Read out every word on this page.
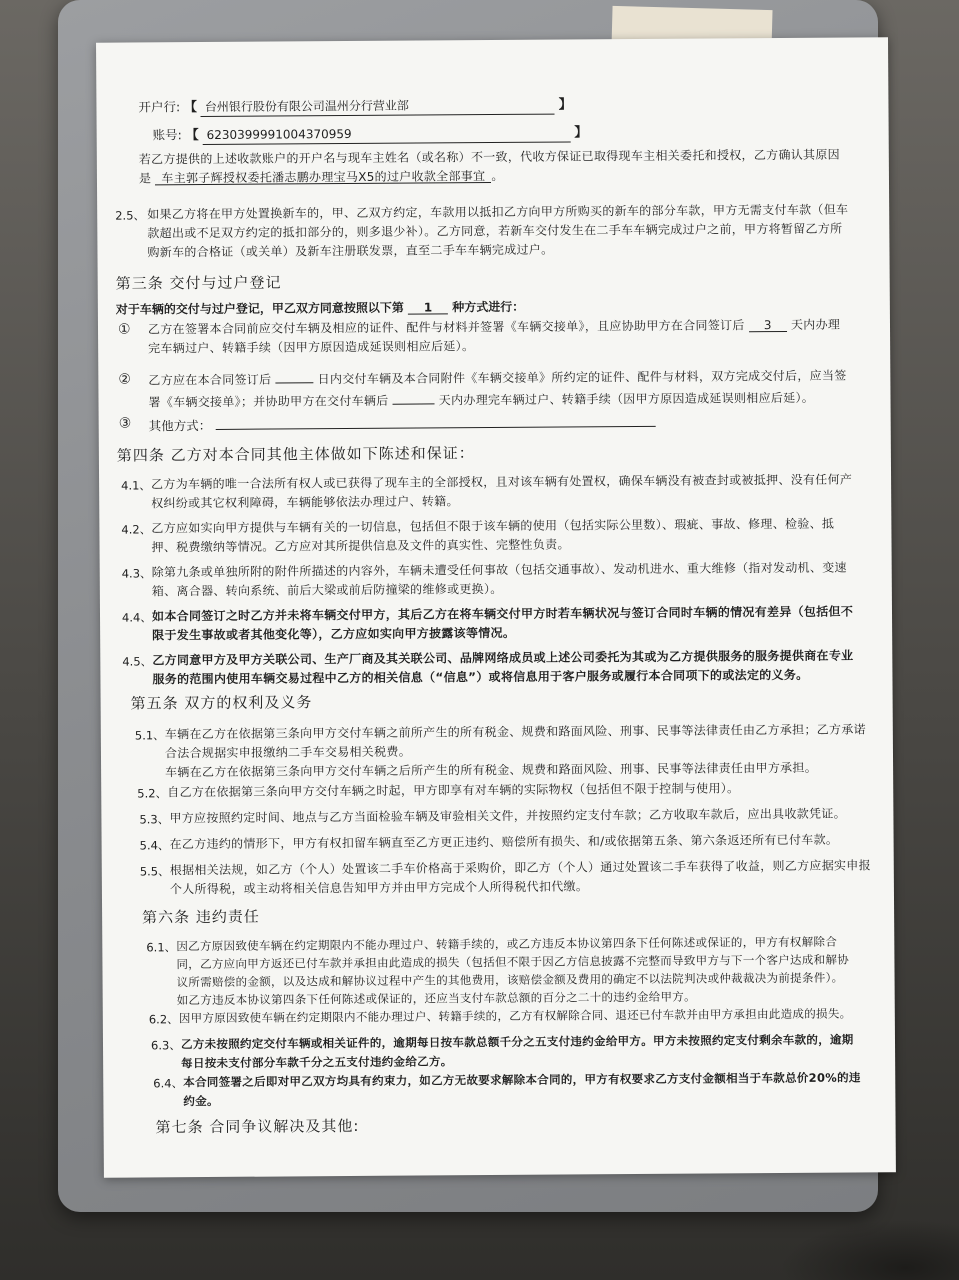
开户行: 【 台州银行股份有限公司温州分行营业部	】
账号: 【 6230399991004370959	】
若乙方提供的上述收款账户的开户名与现车主姓名（或名称）不一致，代收方保证已取得现车主相关委托和授权，乙方确认其原因
是 车主郭子辉授权委托潘志鹏办理宝马X5的过户收款全部事宜 。
2.5、 如果乙方将在甲方处置换新车的，甲、乙双方约定，车款用以抵扣乙方向甲方所购买的新车的部分车款，甲方无需支付车款（但车
款超出或不足双方约定的抵扣部分的，则多退少补）。乙方同意，若新车交付发生在二手车车辆完成过户之前，甲方将暂留乙方所
购新车的合格证（或关单）及新车注册联发票，直至二手车车辆完成过户。
第三条 交付与过户登记
对于车辆的交付与过户登记，甲乙双方同意按照以下第 1 种方式进行：
① 乙方在签署本合同前应交付车辆及相应的证件、配件与材料并签署《车辆交接单》，且应协助甲方在合同签订后 3 天内办理
完车辆过户、转籍手续（因甲方原因造成延误则相应后延）。
② 乙方应在本合同签订后	日内交付车辆及本合同附件《车辆交接单》所约定的证件、配件与材料，双方完成交付后，应当签
署《车辆交接单》；并协助甲方在交付车辆后	天内办理完车辆过户、转籍手续（因甲方原因造成延误则相应后延）。
③ 其他方式：
第四条 乙方对本合同其他主体做如下陈述和保证：
4.1、 乙方为车辆的唯一合法所有权人或已获得了现车主的全部授权，且对该车辆有处置权，确保车辆没有被查封或被抵押、没有任何产
权纠纷或其它权利障碍，车辆能够依法办理过户、转籍。
4.2、 乙方应如实向甲方提供与车辆有关的一切信息，包括但不限于该车辆的使用（包括实际公里数）、瑕疵、事故、修理、检验、抵
押、税费缴纳等情况。乙方应对其所提供信息及文件的真实性、完整性负责。
4.3、 除第九条或单独所附的附件所描述的内容外，车辆未遭受任何事故（包括交通事故）、发动机进水、重大维修（指对发动机、变速
箱、离合器、转向系统、前后大梁或前后防撞梁的维修或更换）。
4.4、 如本合同签订之时乙方并未将车辆交付甲方，其后乙方在将车辆交付甲方时若车辆状况与签订合同时车辆的情况有差异（包括但不
限于发生事故或者其他变化等），乙方应如实向甲方披露该等情况。
4.5、 乙方同意甲方及甲方关联公司、生产厂商及其关联公司、品牌网络成员或上述公司委托为其或为乙方提供服务的服务提供商在专业
服务的范围内使用车辆交易过程中乙方的相关信息（“信息”）或将信息用于客户服务或履行本合同项下的或法定的义务。
第五条 双方的权利及义务
5.1、 车辆在乙方在依据第三条向甲方交付车辆之前所产生的所有税金、规费和路面风险、刑事、民事等法律责任由乙方承担；乙方承诺
合法合规据实申报缴纳二手车交易相关税费。
车辆在乙方在依据第三条向甲方交付车辆之后所产生的所有税金、规费和路面风险、刑事、民事等法律责任由甲方承担。
5.2、 自乙方在依据第三条向甲方交付车辆之时起，甲方即享有对车辆的实际物权（包括但不限于控制与使用）。
5.3、 甲方应按照约定时间、地点与乙方当面检验车辆及审验相关文件，并按照约定支付车款；乙方收取车款后，应出具收款凭证。
5.4、 在乙方违约的情形下，甲方有权扣留车辆直至乙方更正违约、赔偿所有损失、和/或依据第五条、第六条返还所有已付车款。
5.5、 根据相关法规，如乙方（个人）处置该二手车价格高于采购价，即乙方（个人）通过处置该二手车获得了收益，则乙方应据实申报
个人所得税，或主动将相关信息告知甲方并由甲方完成个人所得税代扣代缴。
第六条 违约责任
6.1、 因乙方原因致使车辆在约定期限内不能办理过户、转籍手续的，或乙方违反本协议第四条下任何陈述或保证的，甲方有权解除合
同，乙方应向甲方返还已付车款并承担由此造成的损失（包括但不限于因乙方信息披露不完整而导致甲方与下一个客户达成和解协
议所需赔偿的金额，以及达成和解协议过程中产生的其他费用，该赔偿金额及费用的确定不以法院判决或仲裁裁决为前提条件）。
如乙方违反本协议第四条下任何陈述或保证的，还应当支付车款总额的百分之二十的违约金给甲方。
6.2、 因甲方原因致使车辆在约定期限内不能办理过户、转籍手续的，乙方有权解除合同、退还已付车款并由甲方承担由此造成的损失。
6.3、 乙方未按照约定交付车辆或相关证件的，逾期每日按车款总额千分之五支付违约金给甲方。甲方未按照约定支付剩余车款的，逾期
每日按未支付部分车款千分之五支付违约金给乙方。
6.4、 本合同签署之后即对甲乙双方均具有约束力，如乙方无故要求解除本合同的，甲方有权要求乙方支付金额相当于车款总价20%的违
约金。
第七条 合同争议解决及其他:
